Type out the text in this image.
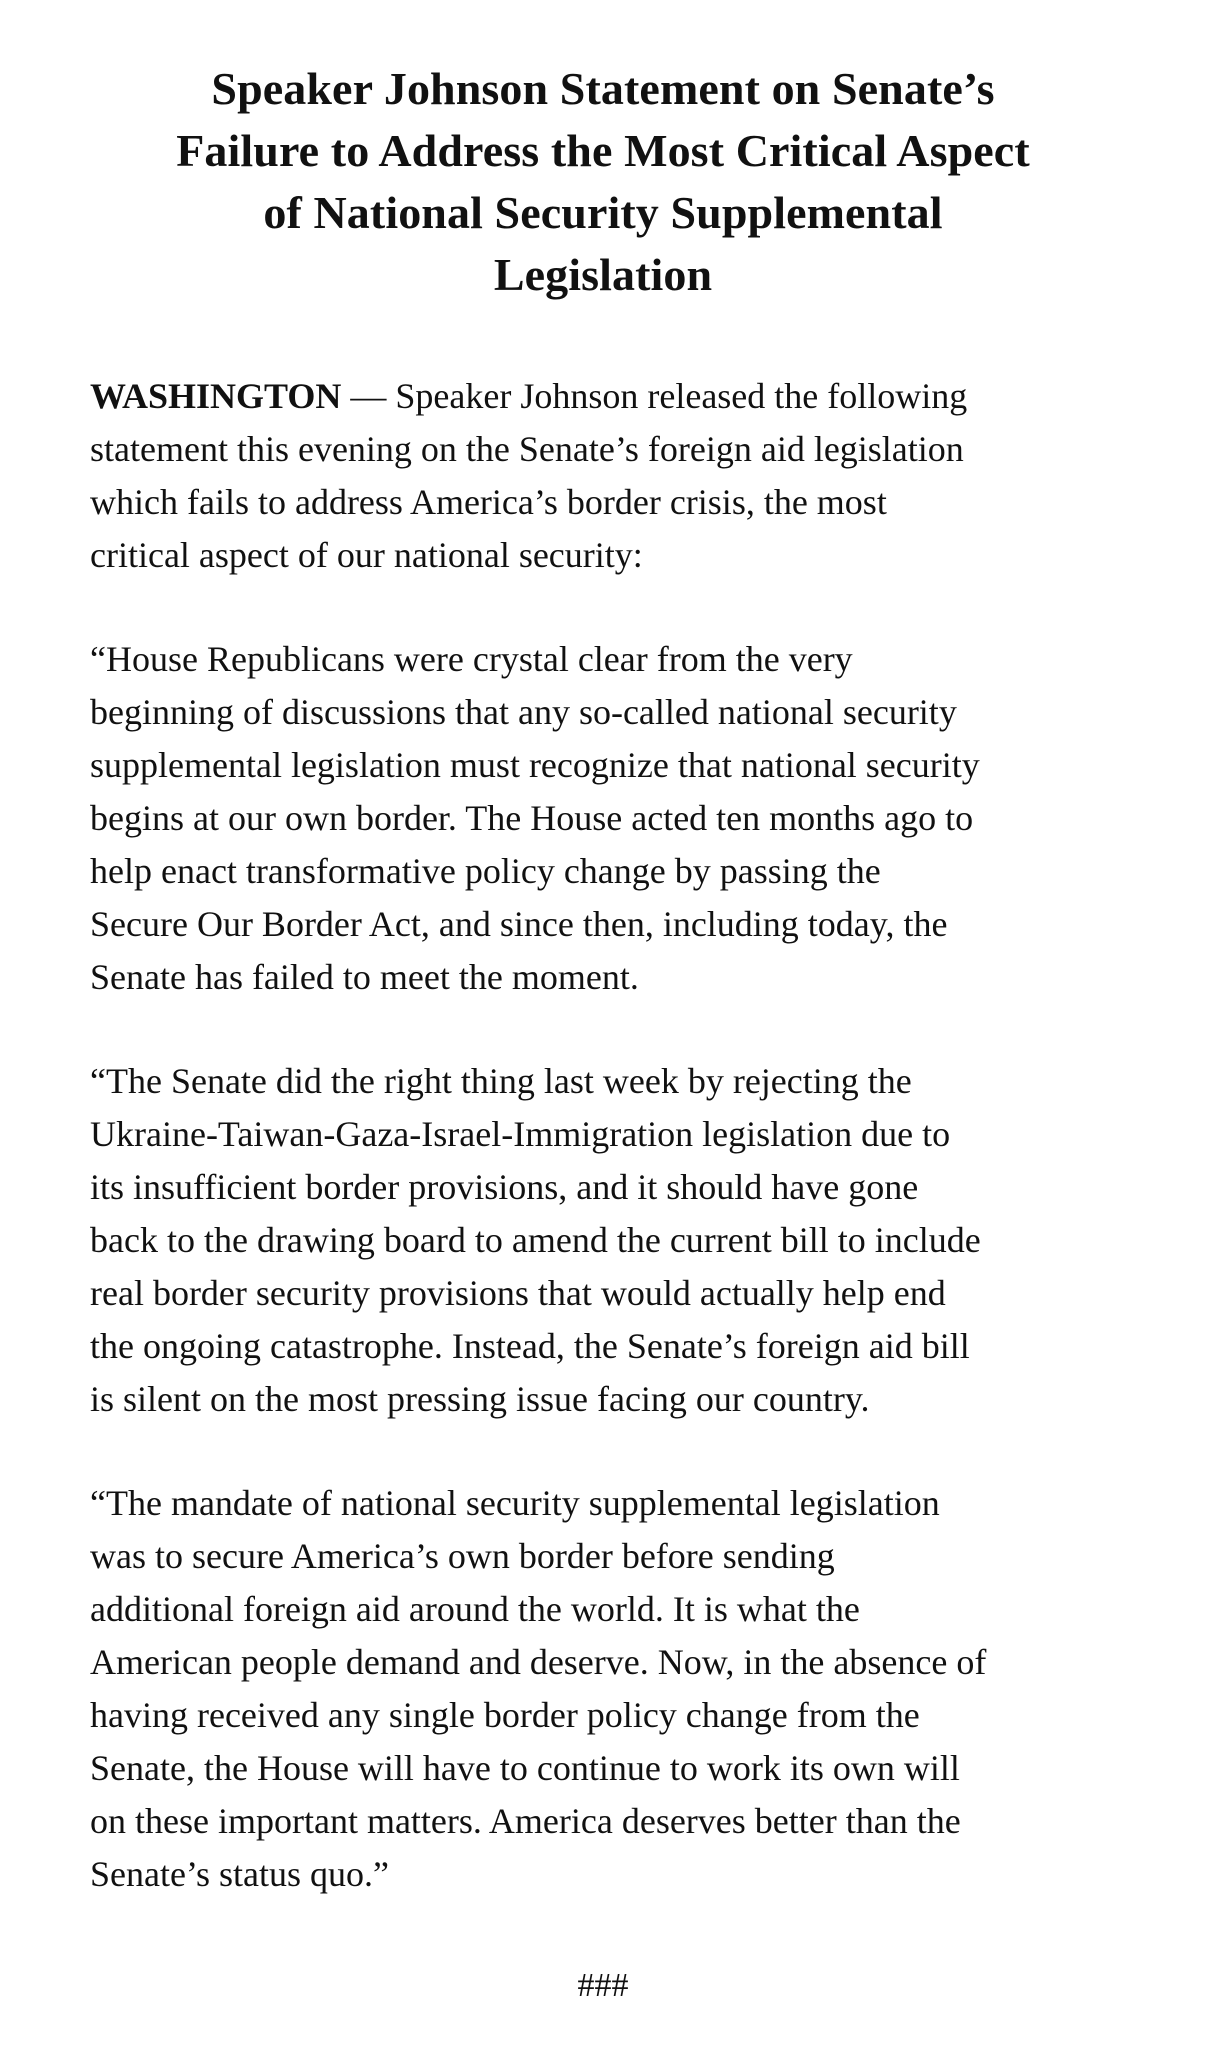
Speaker Johnson Statement on Senate’s
Failure to Address the Most Critical Aspect
of National Security Supplemental
Legislation

WASHINGTON — Speaker Johnson released the following
statement this evening on the Senate’s foreign aid legislation
which fails to address America’s border crisis, the most
critical aspect of our national security:

“House Republicans were crystal clear from the very
beginning of discussions that any so-called national security
supplemental legislation must recognize that national security
begins at our own border. The House acted ten months ago to
help enact transformative policy change by passing the
Secure Our Border Act, and since then, including today, the
Senate has failed to meet the moment.

“The Senate did the right thing last week by rejecting the
Ukraine-Taiwan-Gaza-Israel-Immigration legislation due to
its insufficient border provisions, and it should have gone
back to the drawing board to amend the current bill to include
real border security provisions that would actually help end
the ongoing catastrophe. Instead, the Senate’s foreign aid bill
is silent on the most pressing issue facing our country.

“The mandate of national security supplemental legislation
was to secure America’s own border before sending
additional foreign aid around the world. It is what the
American people demand and deserve. Now, in the absence of
having received any single border policy change from the
Senate, the House will have to continue to work its own will
on these important matters. America deserves better than the
Senate’s status quo.”

###
